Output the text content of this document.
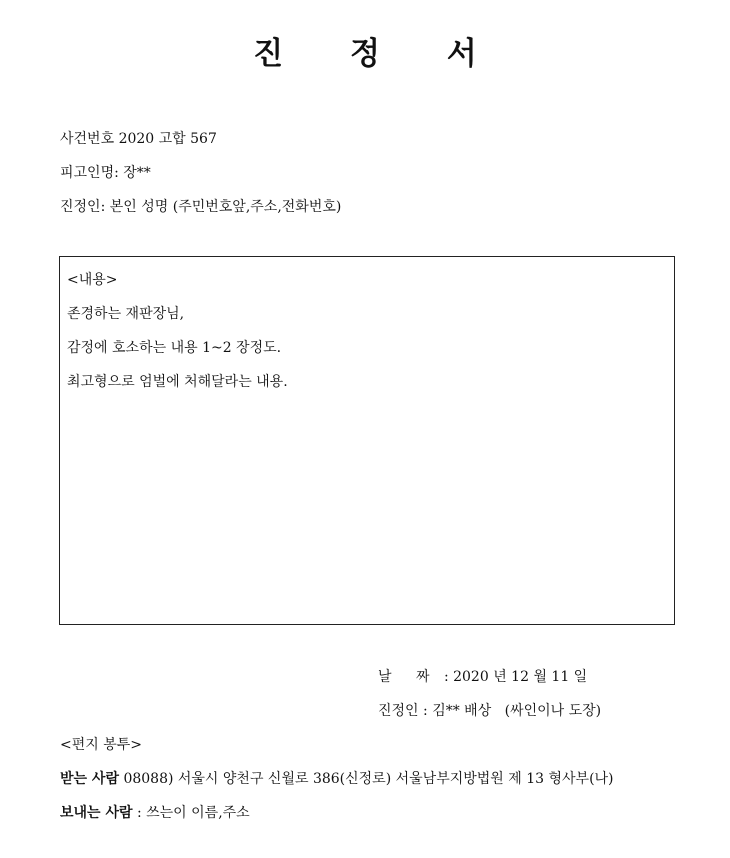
진 정 서
사건번호 2020 고합 567
피고인명: 장**
진정인: 본인 성명 (주민번호앞,주소,전화번호)
<내용>
존경하는 재판장님,
감정에 호소하는 내용 1~2 장정도.
최고형으로 엄벌에 처해달라는 내용.
날 짜 : 2020 년 12 월 11 일
진정인 : 김** 배상 (싸인이나 도장)
<편지 봉투>
받는 사람 08088) 서울시 양천구 신월로 386(신정로) 서울남부지방법원 제 13 형사부(나)
보내는 사람 : 쓰는이 이름,주소
